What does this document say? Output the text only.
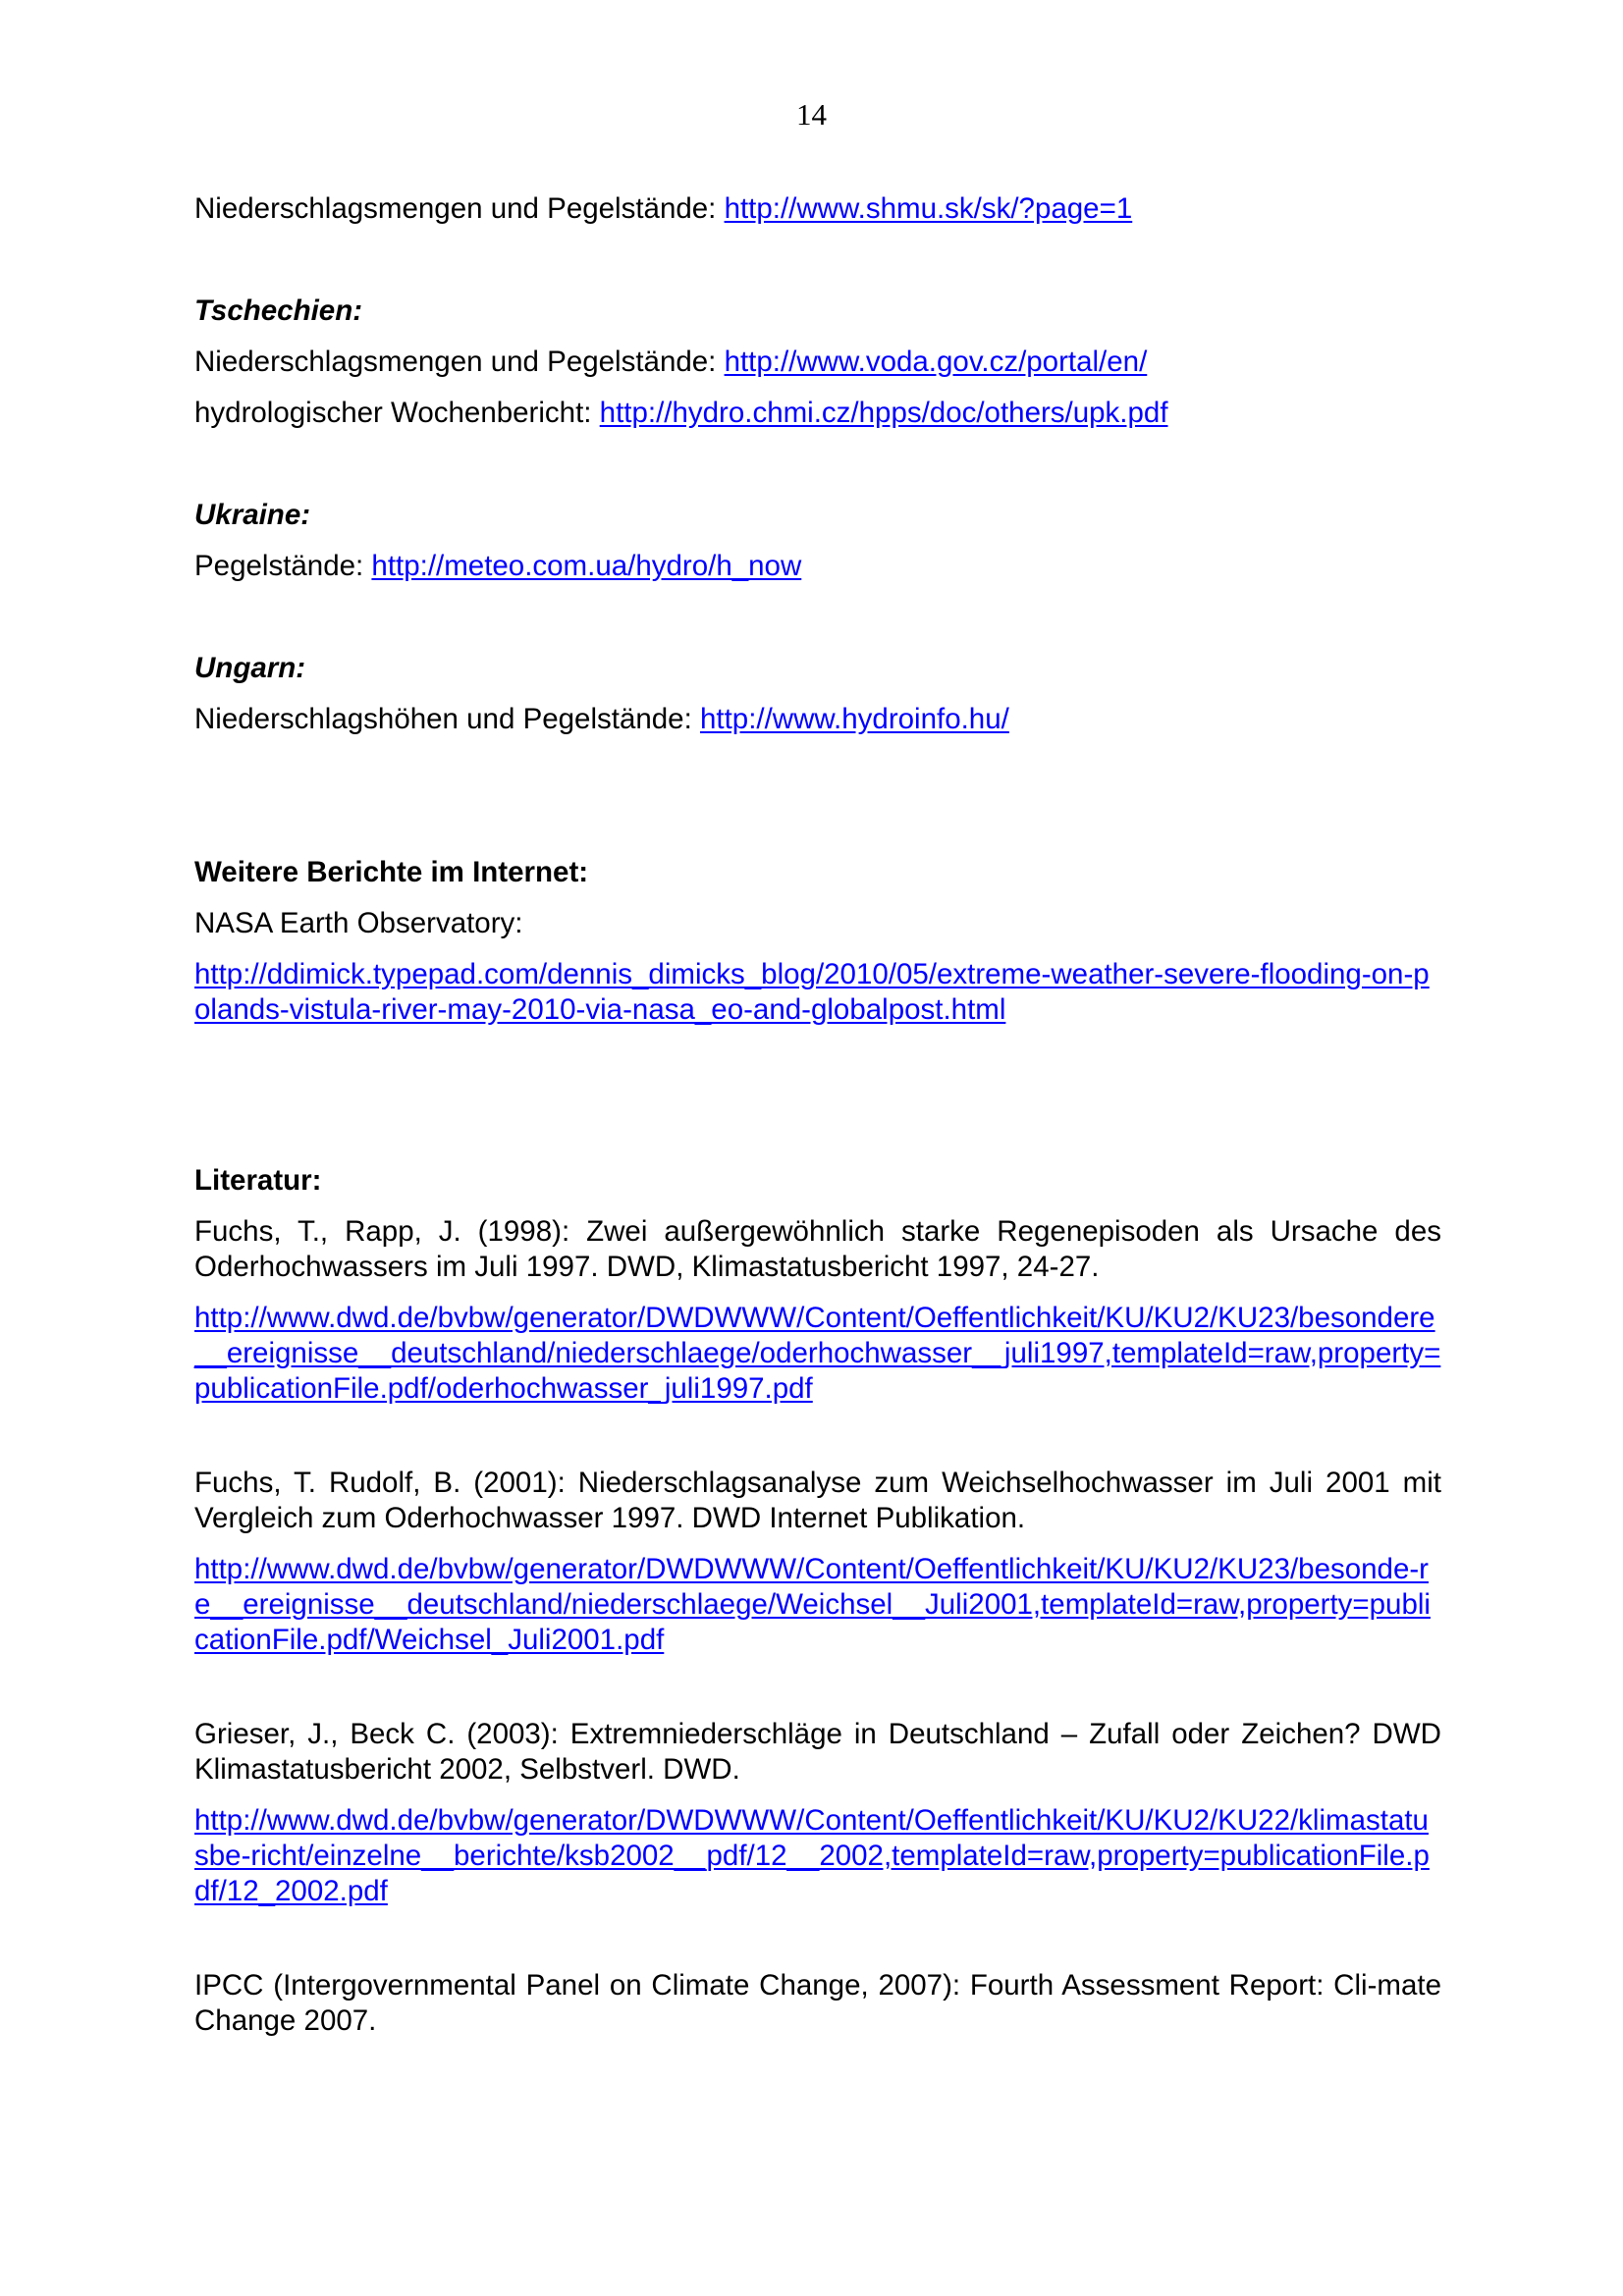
14

Niederschlagsmengen und Pegelstände: http://www.shmu.sk/sk/?page=1

Tschechien:

Niederschlagsmengen und Pegelstände: http://www.voda.gov.cz/portal/en/

hydrologischer Wochenbericht: http://hydro.chmi.cz/hpps/doc/others/upk.pdf

Ukraine:

Pegelstände: http://meteo.com.ua/hydro/h_now

Ungarn:

Niederschlagshöhen und Pegelstände: http://www.hydroinfo.hu/

Weitere Berichte im Internet:

NASA Earth Observatory:

http://ddimick.typepad.com/dennis_dimicks_blog/2010/05/extreme-weather-severe-flooding-on-polands-vistula-river-may-2010-via-nasa_eo-and-globalpost.html

Literatur:

Fuchs, T., Rapp, J. (1998): Zwei außergewöhnlich starke Regenepisoden als Ursache des Oderhochwassers im Juli 1997. DWD, Klimastatusbericht 1997, 24-27.

http://www.dwd.de/bvbw/generator/DWDWWW/Content/Oeffentlichkeit/KU/KU2/KU23/besondere__ereignisse__deutschland/niederschlaege/oderhochwasser__juli1997,templateId=raw,property=publicationFile.pdf/oderhochwasser_juli1997.pdf

Fuchs, T. Rudolf, B. (2001): Niederschlagsanalyse zum Weichselhochwasser im Juli 2001 mit Vergleich zum Oderhochwasser 1997. DWD Internet Publikation.

http://www.dwd.de/bvbw/generator/DWDWWW/Content/Oeffentlichkeit/KU/KU2/KU23/besonde-re__ereignisse__deutschland/niederschlaege/Weichsel__Juli2001,templateId=raw,property=publicationFile.pdf/Weichsel_Juli2001.pdf

Grieser, J., Beck C. (2003): Extremniederschläge in Deutschland – Zufall oder Zeichen? DWD Klimastatusbericht 2002, Selbstverl. DWD.

http://www.dwd.de/bvbw/generator/DWDWWW/Content/Oeffentlichkeit/KU/KU2/KU22/klimastatusbe-richt/einzelne__berichte/ksb2002__pdf/12__2002,templateId=raw,property=publicationFile.pdf/12_2002.pdf

IPCC (Intergovernmental Panel on Climate Change, 2007): Fourth Assessment Report: Cli-mate Change 2007.
